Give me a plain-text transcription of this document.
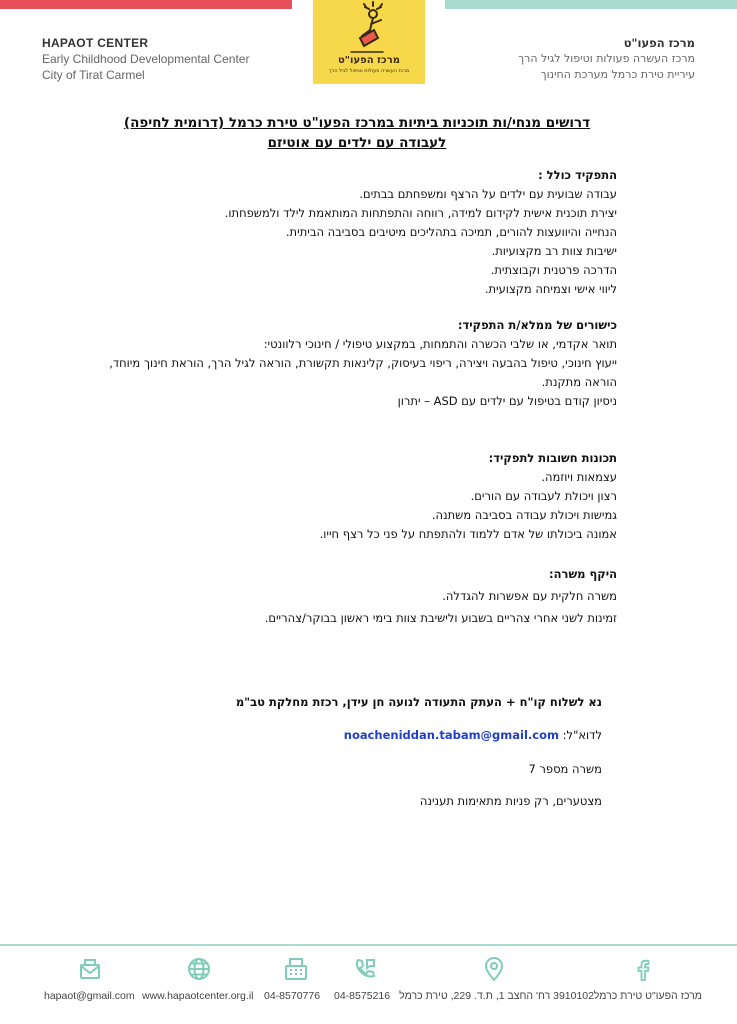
מרכז הפעו"ט
מרכז העשרה פעולות וטיפול לגיל הרך
HAPAOT CENTER
Early Childhood Developmental Center
City of Tirat Carmel
מרכז הפעו"ט
מרכז העשרה פעולות וטיפול לגיל הרך
עיריית טירת כרמל מערכת החינוך
דרושים מנחי/ות תוכניות ביתיות במרכז הפעו"ט טירת כרמל (דרומית לחיפה)
לעבודה עם ילדים עם אוטיזם

התפקיד כולל :

עבודה שבועית עם ילדים על הרצף ומשפחתם בבתים.

יצירת תוכנית אישית לקידום למידה, רווחה והתפתחות המותאמת לילד ולמשפחתו.

הנחייה והיוועצות להורים, תמיכה בתהליכים מיטיבים בסביבה הביתית.

ישיבות צוות רב מקצועיות.

הדרכה פרטנית וקבוצתית.

ליווי אישי וצמיחה מקצועית.

כישורים של ממלא/ת התפקיד:

תואר אקדמי, או שלבי הכשרה והתמחות, במקצוע טיפולי / חינוכי רלוונטי:

ייעוץ חינוכי, טיפול בהבעה ויצירה, ריפוי בעיסוק, קלינאות תקשורת, הוראה לגיל הרך, הוראת חינוך מיוחד, הוראה מתקנת.

ניסיון קודם בטיפול עם ילדים עם ASD – יתרון

תכונות חשובות לתפקיד:

עצמאות ויוזמה.

רצון ויכולת לעבודה עם הורים.

גמישות ויכולת עבודה בסביבה משתנה.

אמונה ביכולתו של אדם ללמוד ולהתפתח על פני כל רצף חייו.

היקף משרה:

משרה חלקית עם אפשרות להגדלה.

זמינות לשני אחרי צהריים בשבוע ולישיבת צוות בימי ראשון בבוקר/צהריים.

נא לשלוח קו"ח + העתק התעודה לנועה חן עידן, רכזת מחלקת טב"מ

לדוא"ל: noacheniddan.tabam@gmail.com

משרה מספר 7

מצטערים, רק פניות מתאימות תענינה

hapaot@gmail.com www.hapaotcenter.org.il 04-8570776 04-8575216 3910102 רח' החצב 1, ת.ד. 229, טירת כרמל מרכז הפעו"ט טירת כרמל
